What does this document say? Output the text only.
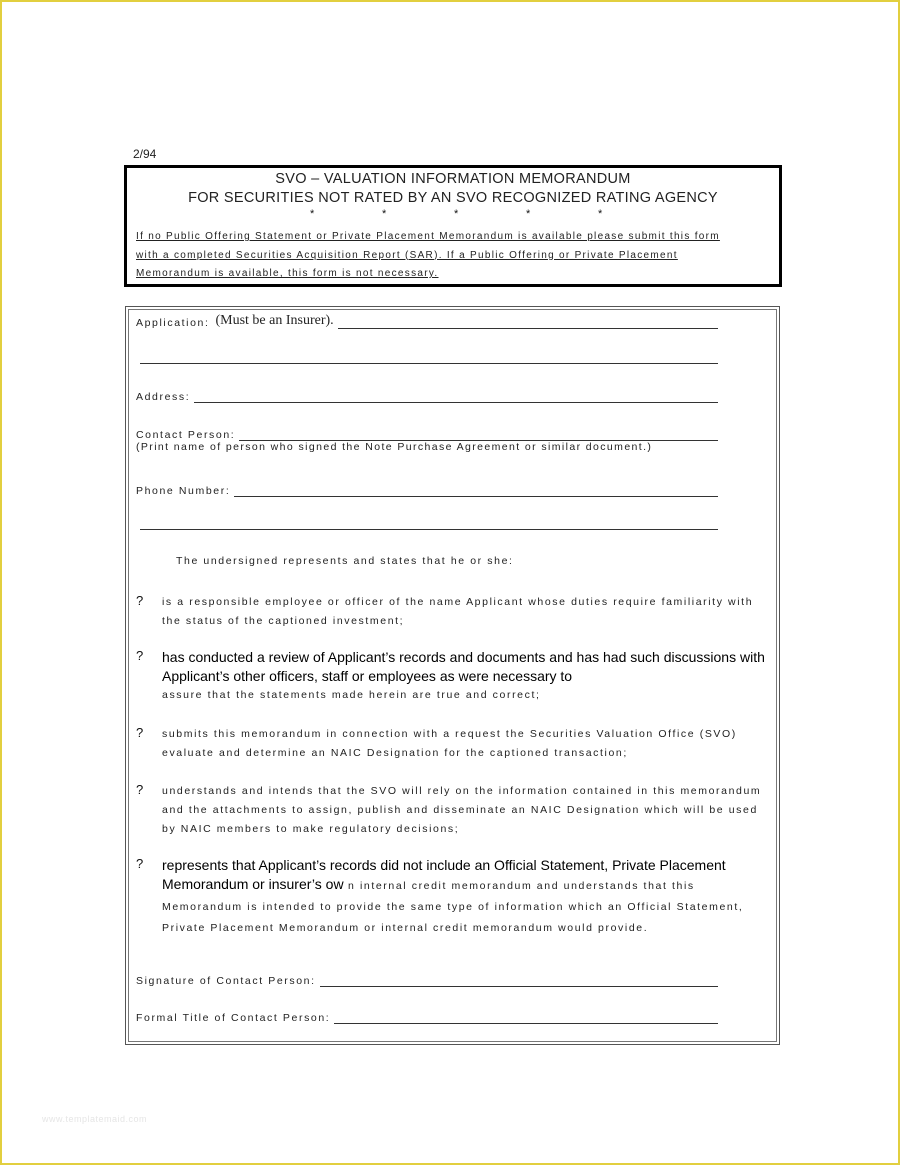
2/94
SVO – VALUATION INFORMATION MEMORANDUM
FOR SECURITIES NOT RATED BY AN SVO RECOGNIZED RATING AGENCY
*	*	*	*	*
If no Public Offering Statement or Private Placement Memorandum is available please submit this form with a completed Securities Acquisition Report (SAR). If a Public Offering or Private Placement Memorandum is available, this form is not necessary.
Application: (Must be an Insurer).
Address:
Contact Person:
(Print name of person who signed the Note Purchase Agreement or similar document.)
Phone Number:
The undersigned represents and states that he or she:
? is a responsible employee or officer of the name Applicant whose duties require familiarity with the status of the captioned investment;
? has conducted a review of Applicant’s records and documents and has had such discussions with Applicant’s other officers, staff or employees as were necessary to
assure that the statements made herein are true and correct;
? submits this memorandum in connection with a request the Securities Valuation Office (SVO) evaluate and determine an NAIC Designation for the captioned transaction;
? understands and intends that the SVO will rely on the information contained in this memorandum and the attachments to assign, publish and disseminate an NAIC Designation which will be used by NAIC members to make regulatory decisions;
? represents that Applicant’s records did not include an Official Statement, Private Placement Memorandum or insurer’s ow n internal credit memorandum and understands that this Memorandum is intended to provide the same type of information which an Official Statement, Private Placement Memorandum or internal credit memorandum would provide.
Signature of Contact Person:
Formal Title of Contact Person:
www.templatemaid.com
